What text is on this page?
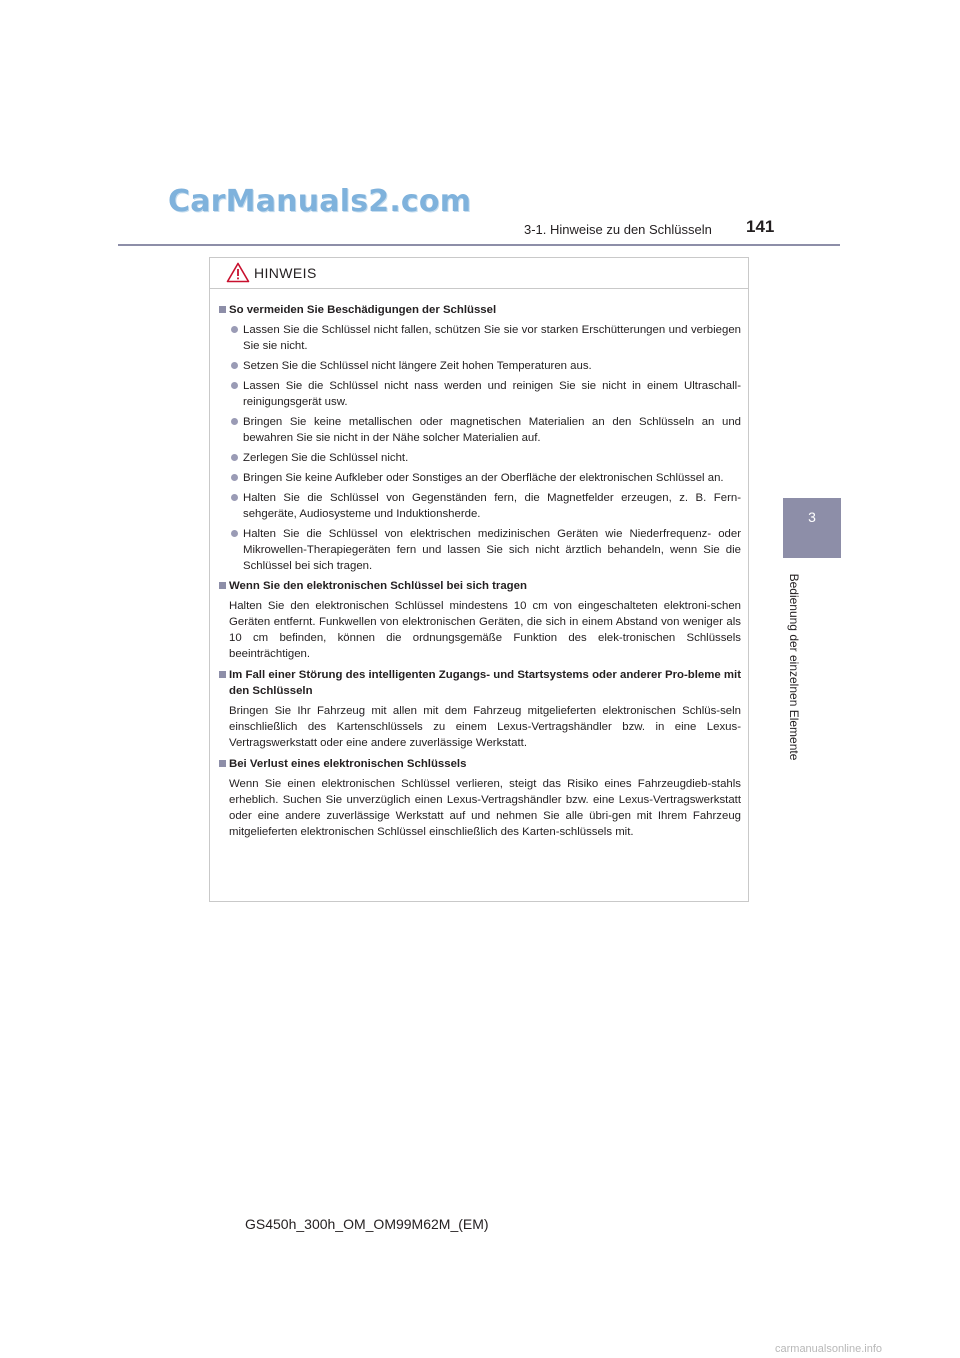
CarManuals2.com
3-1. Hinweise zu den Schlüsseln 141
3
Bedienung der einzelnen Elemente
HINWEIS
So vermeiden Sie Beschädigungen der Schlüssel
Lassen Sie die Schlüssel nicht fallen, schützen Sie sie vor starken Erschütterungen und verbiegen Sie sie nicht.
Setzen Sie die Schlüssel nicht längere Zeit hohen Temperaturen aus.
Lassen Sie die Schlüssel nicht nass werden und reinigen Sie sie nicht in einem Ultraschall-reinigungsgerät usw.
Bringen Sie keine metallischen oder magnetischen Materialien an den Schlüsseln an und bewahren Sie sie nicht in der Nähe solcher Materialien auf.
Zerlegen Sie die Schlüssel nicht.
Bringen Sie keine Aufkleber oder Sonstiges an der Oberfläche der elektronischen Schlüssel an.
Halten Sie die Schlüssel von Gegenständen fern, die Magnetfelder erzeugen, z. B. Fern-sehgeräte, Audiosysteme und Induktionsherde.
Halten Sie die Schlüssel von elektrischen medizinischen Geräten wie Niederfrequenz- oder Mikrowellen-Therapiegeräten fern und lassen Sie sich nicht ärztlich behandeln, wenn Sie die Schlüssel bei sich tragen.
Wenn Sie den elektronischen Schlüssel bei sich tragen
Halten Sie den elektronischen Schlüssel mindestens 10 cm von eingeschalteten elektroni-schen Geräten entfernt. Funkwellen von elektronischen Geräten, die sich in einem Abstand von weniger als 10 cm befinden, können die ordnungsgemäße Funktion des elek-tronischen Schlüssels beeinträchtigen.
Im Fall einer Störung des intelligenten Zugangs- und Startsystems oder anderer Pro-bleme mit den Schlüsseln
Bringen Sie Ihr Fahrzeug mit allen mit dem Fahrzeug mitgelieferten elektronischen Schlüs-seln einschließlich des Kartenschlüssels zu einem Lexus-Vertragshändler bzw. in eine Lexus-Vertragswerkstatt oder eine andere zuverlässige Werkstatt.
Bei Verlust eines elektronischen Schlüssels
Wenn Sie einen elektronischen Schlüssel verlieren, steigt das Risiko eines Fahrzeugdieb-stahls erheblich. Suchen Sie unverzüglich einen Lexus-Vertragshändler bzw. eine Lexus-Vertragswerkstatt oder eine andere zuverlässige Werkstatt auf und nehmen Sie alle übri-gen mit Ihrem Fahrzeug mitgelieferten elektronischen Schlüssel einschließlich des Karten-schlüssels mit.
GS450h_300h_OM_OM99M62M_(EM)
carmanualsonline.info
